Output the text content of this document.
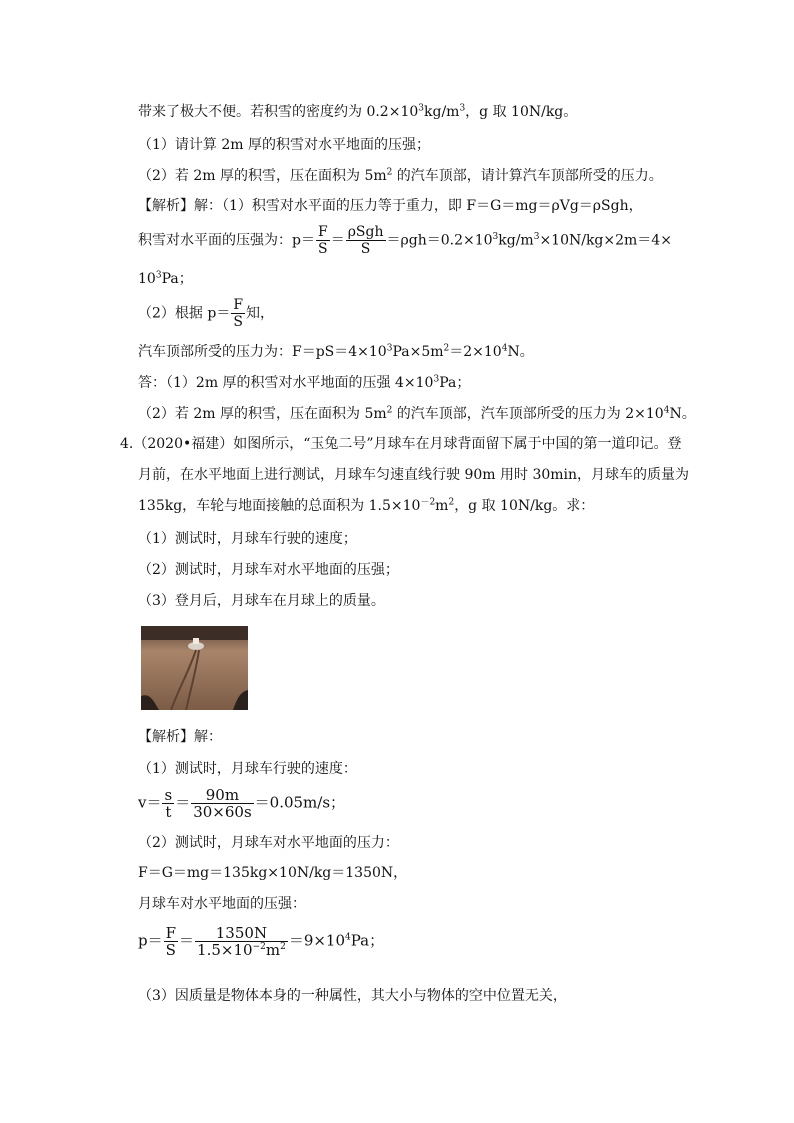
带来了极大不便。若积雪的密度约为 $0.2\times 10^3kg/m^3$，g 取 10N/kg。
（1）请计算 2m 厚的积雪对水平地面的压强；
（2）若 2m 厚的积雪，压在面积为 $5m^2$ 的汽车顶部，请计算汽车顶部所受的压力。
【解析】解：（1）积雪对水平面的压力等于重力，即 F＝G＝mg＝ρVg＝ρSgh，
积雪对水平面的压强为：$p= \frac{F}{S} = \frac{\text{ρSgh}}{S} =\rho gh=0.2\times 10^3kg/m^3\times 10N/kg\times 2m=4\times$
$10^3Pa$；
（2）根据 $p= \frac{F}{S}$ 知，
汽车顶部所受的压力为：$F=pS=4\times 10^3Pa\times 5m^2=2\times 10^4N$。
答：（1）2m 厚的积雪对水平地面的压强 $4\times 10^3Pa$；
（2）若 2m 厚的积雪，压在面积为 $5m^2$ 的汽车顶部，汽车顶部所受的压力为 $2\times 10^4N$。
4.（2020•福建）如图所示，“玉兔二号”月球车在月球背面留下属于中国的第一道印记。登
月前，在水平地面上进行测试，月球车匀速直线行驶 90m 用时 30min，月球车的质量为
135kg，车轮与地面接触的总面积为 $1.5\times 10^{-2}m^2$，g 取 10N/kg。求：
（1）测试时，月球车行驶的速度；
（2）测试时，月球车对水平地面的压强；
（3）登月后，月球车在月球上的质量。
【解析】解：
（1）测试时，月球车行驶的速度：
$v= \frac{s}{t} = \frac{90m}{30\times 60s} =0.05m/s$；
（2）测试时，月球车对水平地面的压力：
F＝G＝mg＝135kg×10N/kg＝1350N，
月球车对水平地面的压强：
$p= \frac{F}{S} = \frac{1350N}{1.5\times 10^{-2}m^2} =9\times 10^4Pa$；
（3）因质量是物体本身的一种属性，其大小与物体的空中位置无关，
